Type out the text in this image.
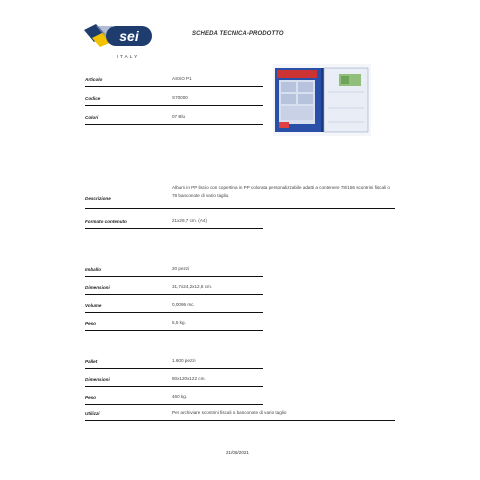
sei
ITALY
SCHEDA TECNICA-PRODOTTO
Articolo	ASSO P1
Codice	S70000
Colori	07 Blu
Descrizione
Album in PP liscio con copertina in PP colorata personalizzabile adatti a contenere 78/156 scontrini fiscali o 78 banconote di vario taglio.
Formato contenuto	21x29,7 cm. (A4)
Imballo	20 pezzi
Dimensioni	31,7x24,2x12,8 cm.
Volume	0,0096 mc.
Peso	5,5 kg.
Pallet	1.600 pezzi
Dimensioni	80x120x122 cm.
Peso	460 kg.
Utilizzi	Per archiviare scontrini fiscali o banconote di vario taglio
21/06/2021
